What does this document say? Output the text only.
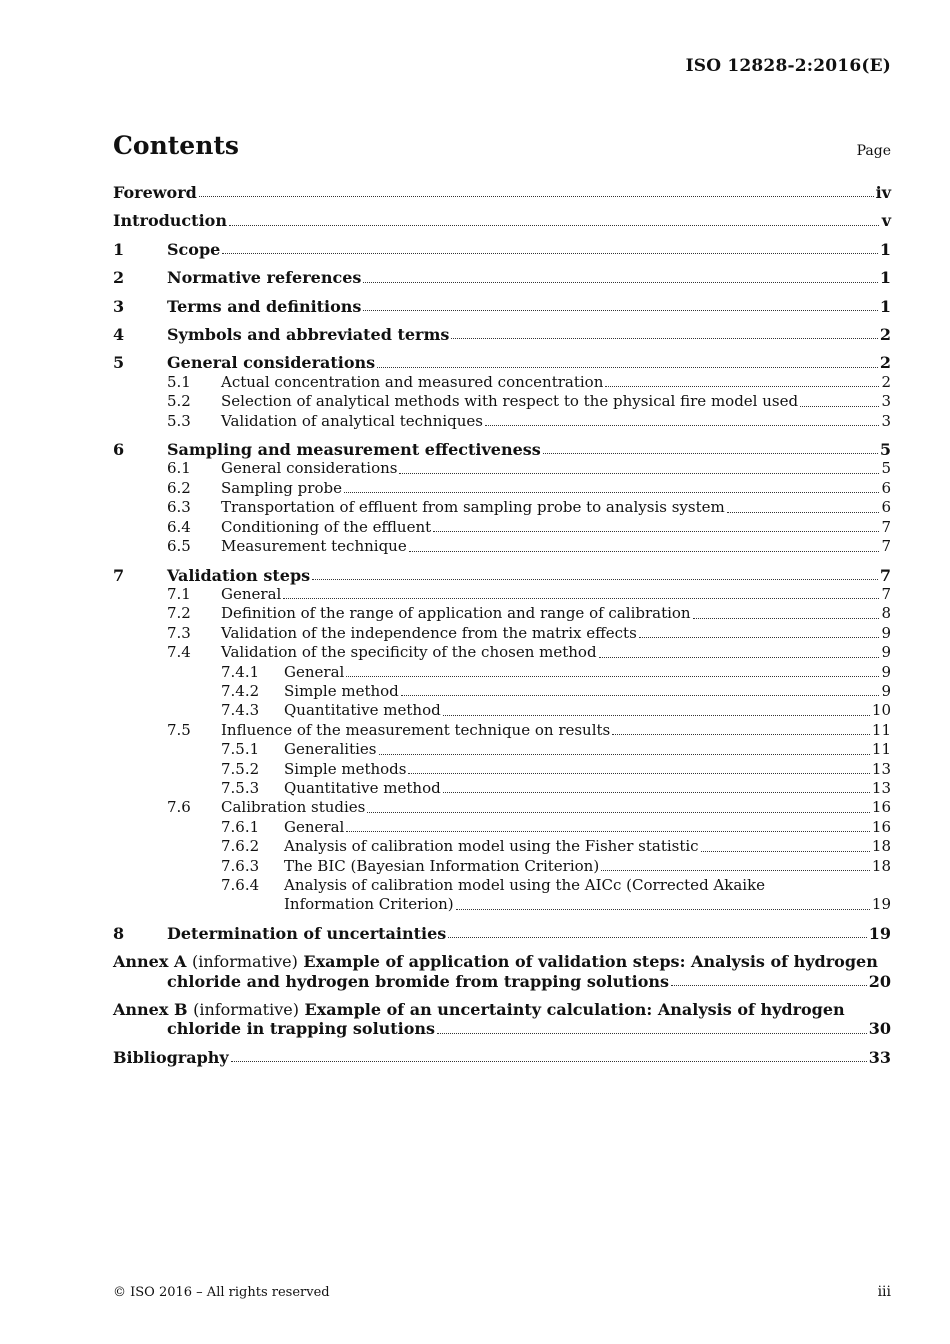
ISO 12828-2:2016(E)
Contents	Page
Foreword	iv
Introduction	v
1	Scope	1
2	Normative references	1
3	Terms and definitions	1
4	Symbols and abbreviated terms	2
5	General considerations	2
5.1	Actual concentration and measured concentration	2
5.2	Selection of analytical methods with respect to the physical fire model used	3
5.3	Validation of analytical techniques	3
6	Sampling and measurement effectiveness	5
6.1	General considerations	5
6.2	Sampling probe	6
6.3	Transportation of effluent from sampling probe to analysis system	6
6.4	Conditioning of the effluent	7
6.5	Measurement technique	7
7	Validation steps	7
7.1	General	7
7.2	Definition of the range of application and range of calibration	8
7.3	Validation of the independence from the matrix effects	9
7.4	Validation of the specificity of the chosen method	9
7.4.1	General	9
7.4.2	Simple method	9
7.4.3	Quantitative method	10
7.5	Influence of the measurement technique on results	11
7.5.1	Generalities	11
7.5.2	Simple methods	13
7.5.3	Quantitative method	13
7.6	Calibration studies	16
7.6.1	General	16
7.6.2	Analysis of calibration model using the Fisher statistic	18
7.6.3	The BIC (Bayesian Information Criterion)	18
7.6.4	Analysis of calibration model using the AICc (Corrected Akaike
Information Criterion)	19
8	Determination of uncertainties	19
Annex A (informative) Example of application of validation steps: Analysis of hydrogen
chloride and hydrogen bromide from trapping solutions	20
Annex B (informative) Example of an uncertainty calculation: Analysis of hydrogen
chloride in trapping solutions	30
Bibliography	33
© ISO 2016 – All rights reserved	iii
